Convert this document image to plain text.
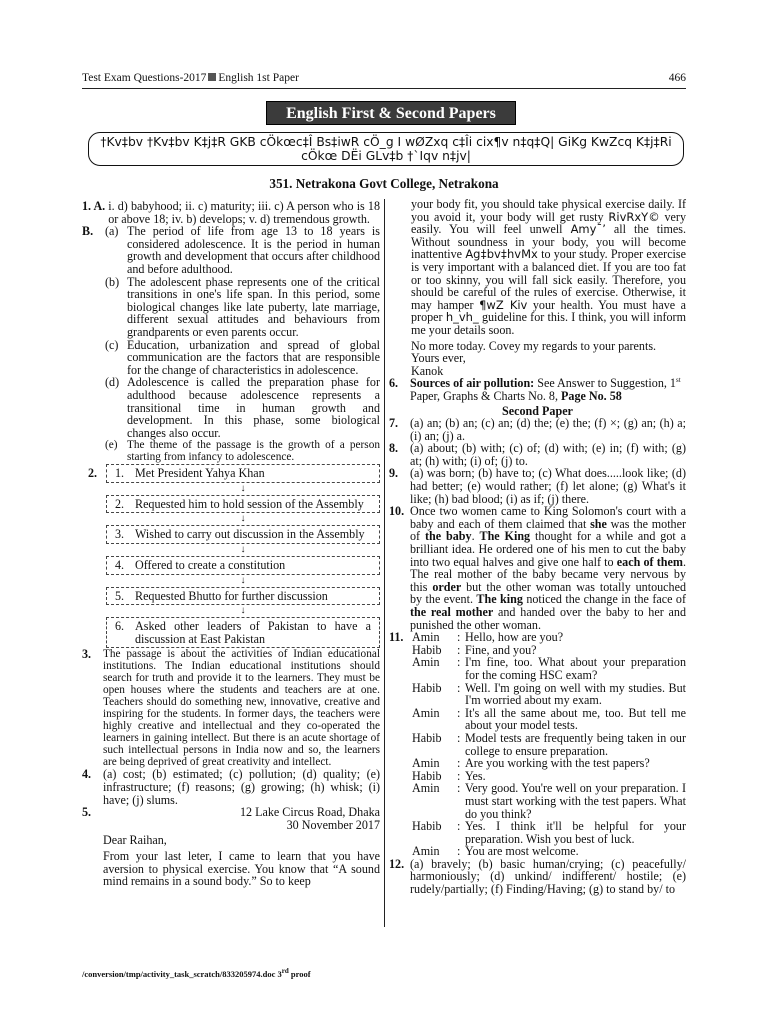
Test Exam Questions-2017 English 1st Paper	466
English First & Second Papers
†Kv‡bv †Kv‡bv K‡j‡R GKB cÖkœc‡Î Bs‡iwR cÖ_g I wØZxq c‡Îi cix¶v n‡q‡Q| GiKg KwZcq K‡j‡Ri cÖkœ DËi GLv‡b †`Iqv n‡jv|
351. Netrakona Govt College, Netrakona
1. A. i. d) babyhood; ii. c) maturity; iii. c) A person who is 18 or above 18; iv. b) develops; v. d) tremendous growth.
B. (a) The period of life from age 13 to 18 years is considered adolescence. It is the period in human growth and development that occurs after childhood and before adulthood.
(b) The adolescent phase represents one of the critical transitions in one's life span. In this period, some biological changes like late puberty, late marriage, different sexual attitudes and behaviours from grandparents or even parents occur.
(c) Education, urbanization and spread of global communication are the factors that are responsible for the change of characteristics in adolescence.
(d) Adolescence is called the preparation phase for adulthood because adolescence represents a transitional time in human growth and development. In this phase, some biological changes also occur.
(e) The theme of the passage is the growth of a person starting from infancy to adolescence.
2. 1. Met President Yahya Khan
↓
2. Requested him to hold session of the Assembly
↓
3. Wished to carry out discussion in the Assembly
↓
4. Offered to create a constitution
↓
5. Requested Bhutto for further discussion
↓
6. Asked other leaders of Pakistan to have a discussion at East Pakistan
3.	The passage is about the activities of Indian educational institutions. The Indian educational institutions should search for truth and provide it to the learners. They must be open houses where the students and teachers are at one. Teachers should do something new, innovative, creative and inspiring for the students. In former days, the teachers were highly creative and intellectual and they co-operated the learners in gaining intellect. But there is an acute shortage of such intellectual persons in India now and so, the learners are being deprived of great creativity and intellect.
4. (a) cost; (b) estimated; (c) pollution; (d) quality; (e) infrastructure; (f) reasons; (g) growing; (h) whisk; (i) have; (j) slums.
5.	12 Lake Circus Road, Dhaka
30 November 2017
Dear Raihan,
From your last leter, I came to learn that you have aversion to physical exercise. You know that “A sound mind remains in a sound body.” So to keep
your body fit, you should take physical exercise daily. If you avoid it, your body will get rusty RivRxY© very easily. You will feel unwell Amy¯’ all the times. Without soundness in your body, you will become inattentive Ag‡bv‡hvMx to your study. Proper exercise is very important with a balanced diet. If you are too fat or too skinny, you will fall sick easily. Therefore, you should be careful of the rules of exercise. Otherwise, it may hamper ¶wZ Kiv your health. You must have a proper h_vh_ guideline for this. I think, you will inform me your details soon.
No more today. Covey my regards to your parents.
Yours ever,
Kanok
6. Sources of air pollution: See Answer to Suggestion, 1st Paper, Graphs & Charts No. 8, Page No. 58
Second Paper
7. (a) an; (b) an; (c) an; (d) the; (e) the; (f) ×; (g) an; (h) a; (i) an; (j) a.
8. (a) about; (b) with; (c) of; (d) with; (e) in; (f) with; (g) at; (h) with; (i) of; (j) to.
9. (a) was born; (b) have to; (c) What does.....look like; (d) had better; (e) would rather; (f) let alone; (g) What's it like; (h) bad blood; (i) as if; (j) there.
10. Once two women came to King Solomon's court with a baby and each of them claimed that she was the mother of the baby. The King thought for a while and got a brilliant idea. He ordered one of his men to cut the baby into two equal halves and give one half to each of them. The real mother of the baby became very nervous by this order but the other woman was totally untouched by the event. The king noticed the change in the face of the real mother and handed over the baby to her and punished the other woman.
11. Amin	: Hello, how are you?
Habib	: Fine, and you?
Amin	: I'm fine, too. What about your preparation for the coming HSC exam?
Habib	: Well. I'm going on well with my studies. But I'm worried about my exam.
Amin	: It's all the same about me, too. But tell me about your model tests.
Habib	: Model tests are frequently being taken in our college to ensure preparation.
Amin	: Are you working with the test papers?
Habib	: Yes.
Amin	: Very good. You're well on your preparation. I must start working with the test papers. What do you think?
Habib	: Yes. I think it'll be helpful for your preparation. Wish you best of luck.
Amin	: You are most welcome.
12. (a) bravely; (b) basic human/crying; (c) peacefully/ harmoniously; (d) unkind/ indifferent/ hostile; (e) rudely/partially; (f) Finding/Having; (g) to stand by/ to
/conversion/tmp/activity_task_scratch/833205974.doc 3rd proof
